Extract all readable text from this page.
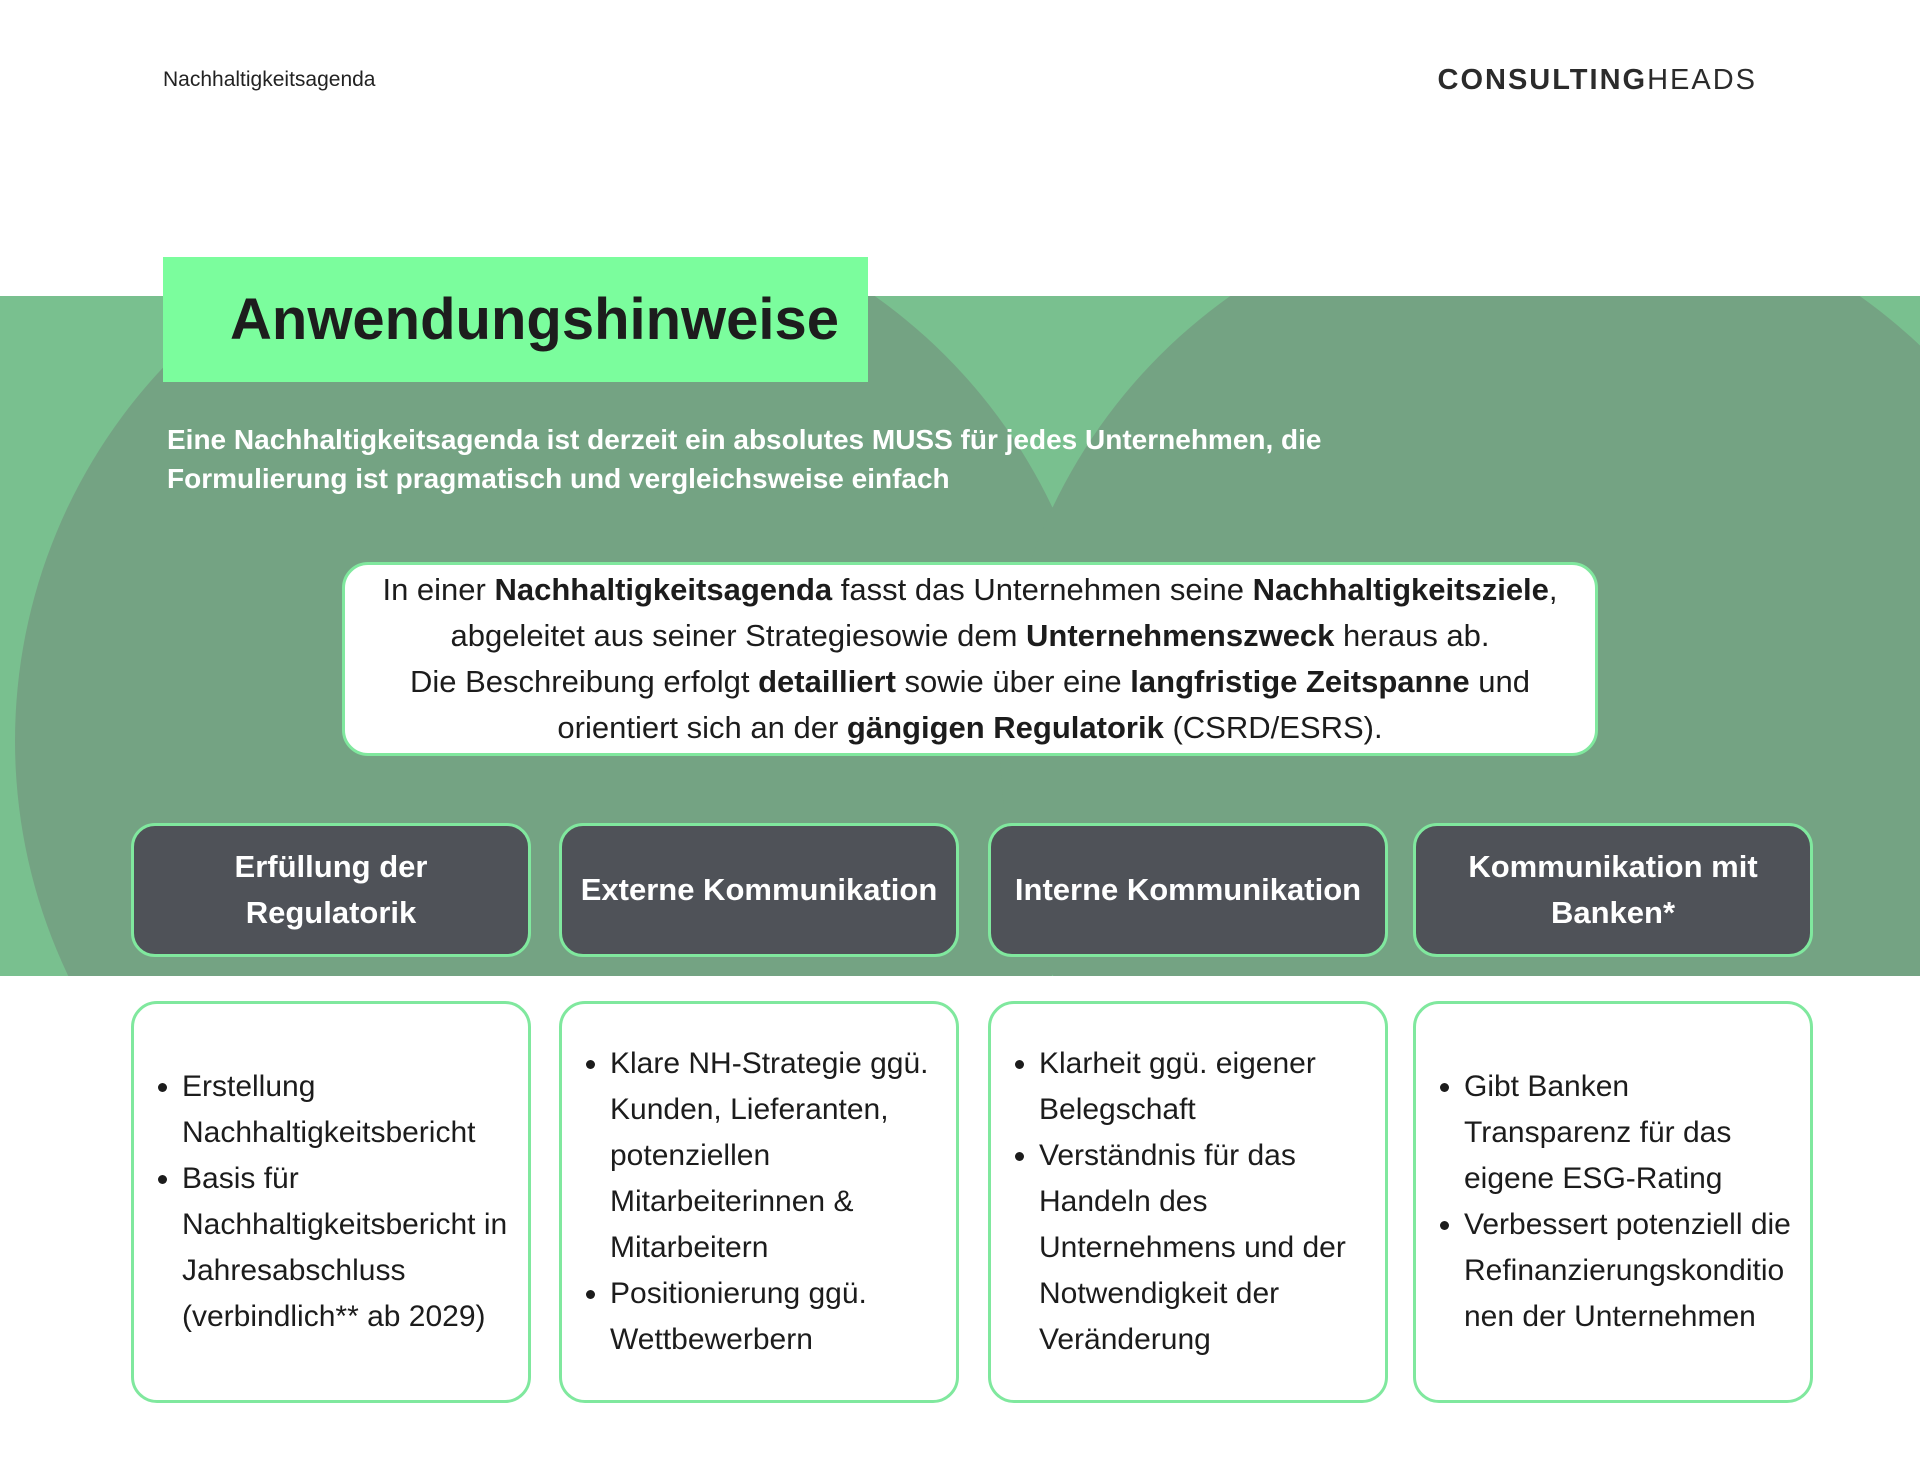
Nachhaltigkeitsagenda	CONSULTINGHEADS
Anwendungshinweise
Eine Nachhaltigkeitsagenda ist derzeit ein absolutes MUSS für jedes Unternehmen, die
Formulierung ist pragmatisch und vergleichsweise einfach
In einer Nachhaltigkeitsagenda fasst das Unternehmen seine Nachhaltigkeitsziele,
abgeleitet aus seiner Strategiesowie dem Unternehmenszweck heraus ab.
Die Beschreibung erfolgt detailliert sowie über eine langfristige Zeitspanne und
orientiert sich an der gängigen Regulatorik (CSRD/ESRS).
Erfüllung der Regulatorik
Externe Kommunikation	Interne Kommunikation
Kommunikation mit Banken*
• Erstellung Nachhaltigkeitsbericht
• Basis für Nachhaltigkeitsbericht in Jahresabschluss (verbindlich** ab 2029)
• Klare NH-Strategie ggü. Kunden, Lieferanten, potenziellen Mitarbeiterinnen & Mitarbeitern
• Positionierung ggü. Wettbewerbern
• Klarheit ggü. eigener Belegschaft
• Verständnis für das Handeln des Unternehmens und der Notwendigkeit der Veränderung
• Gibt Banken Transparenz für das eigene ESG-Rating
• Verbessert potenziell die Refinanzierungskonditionen der Unternehmen
